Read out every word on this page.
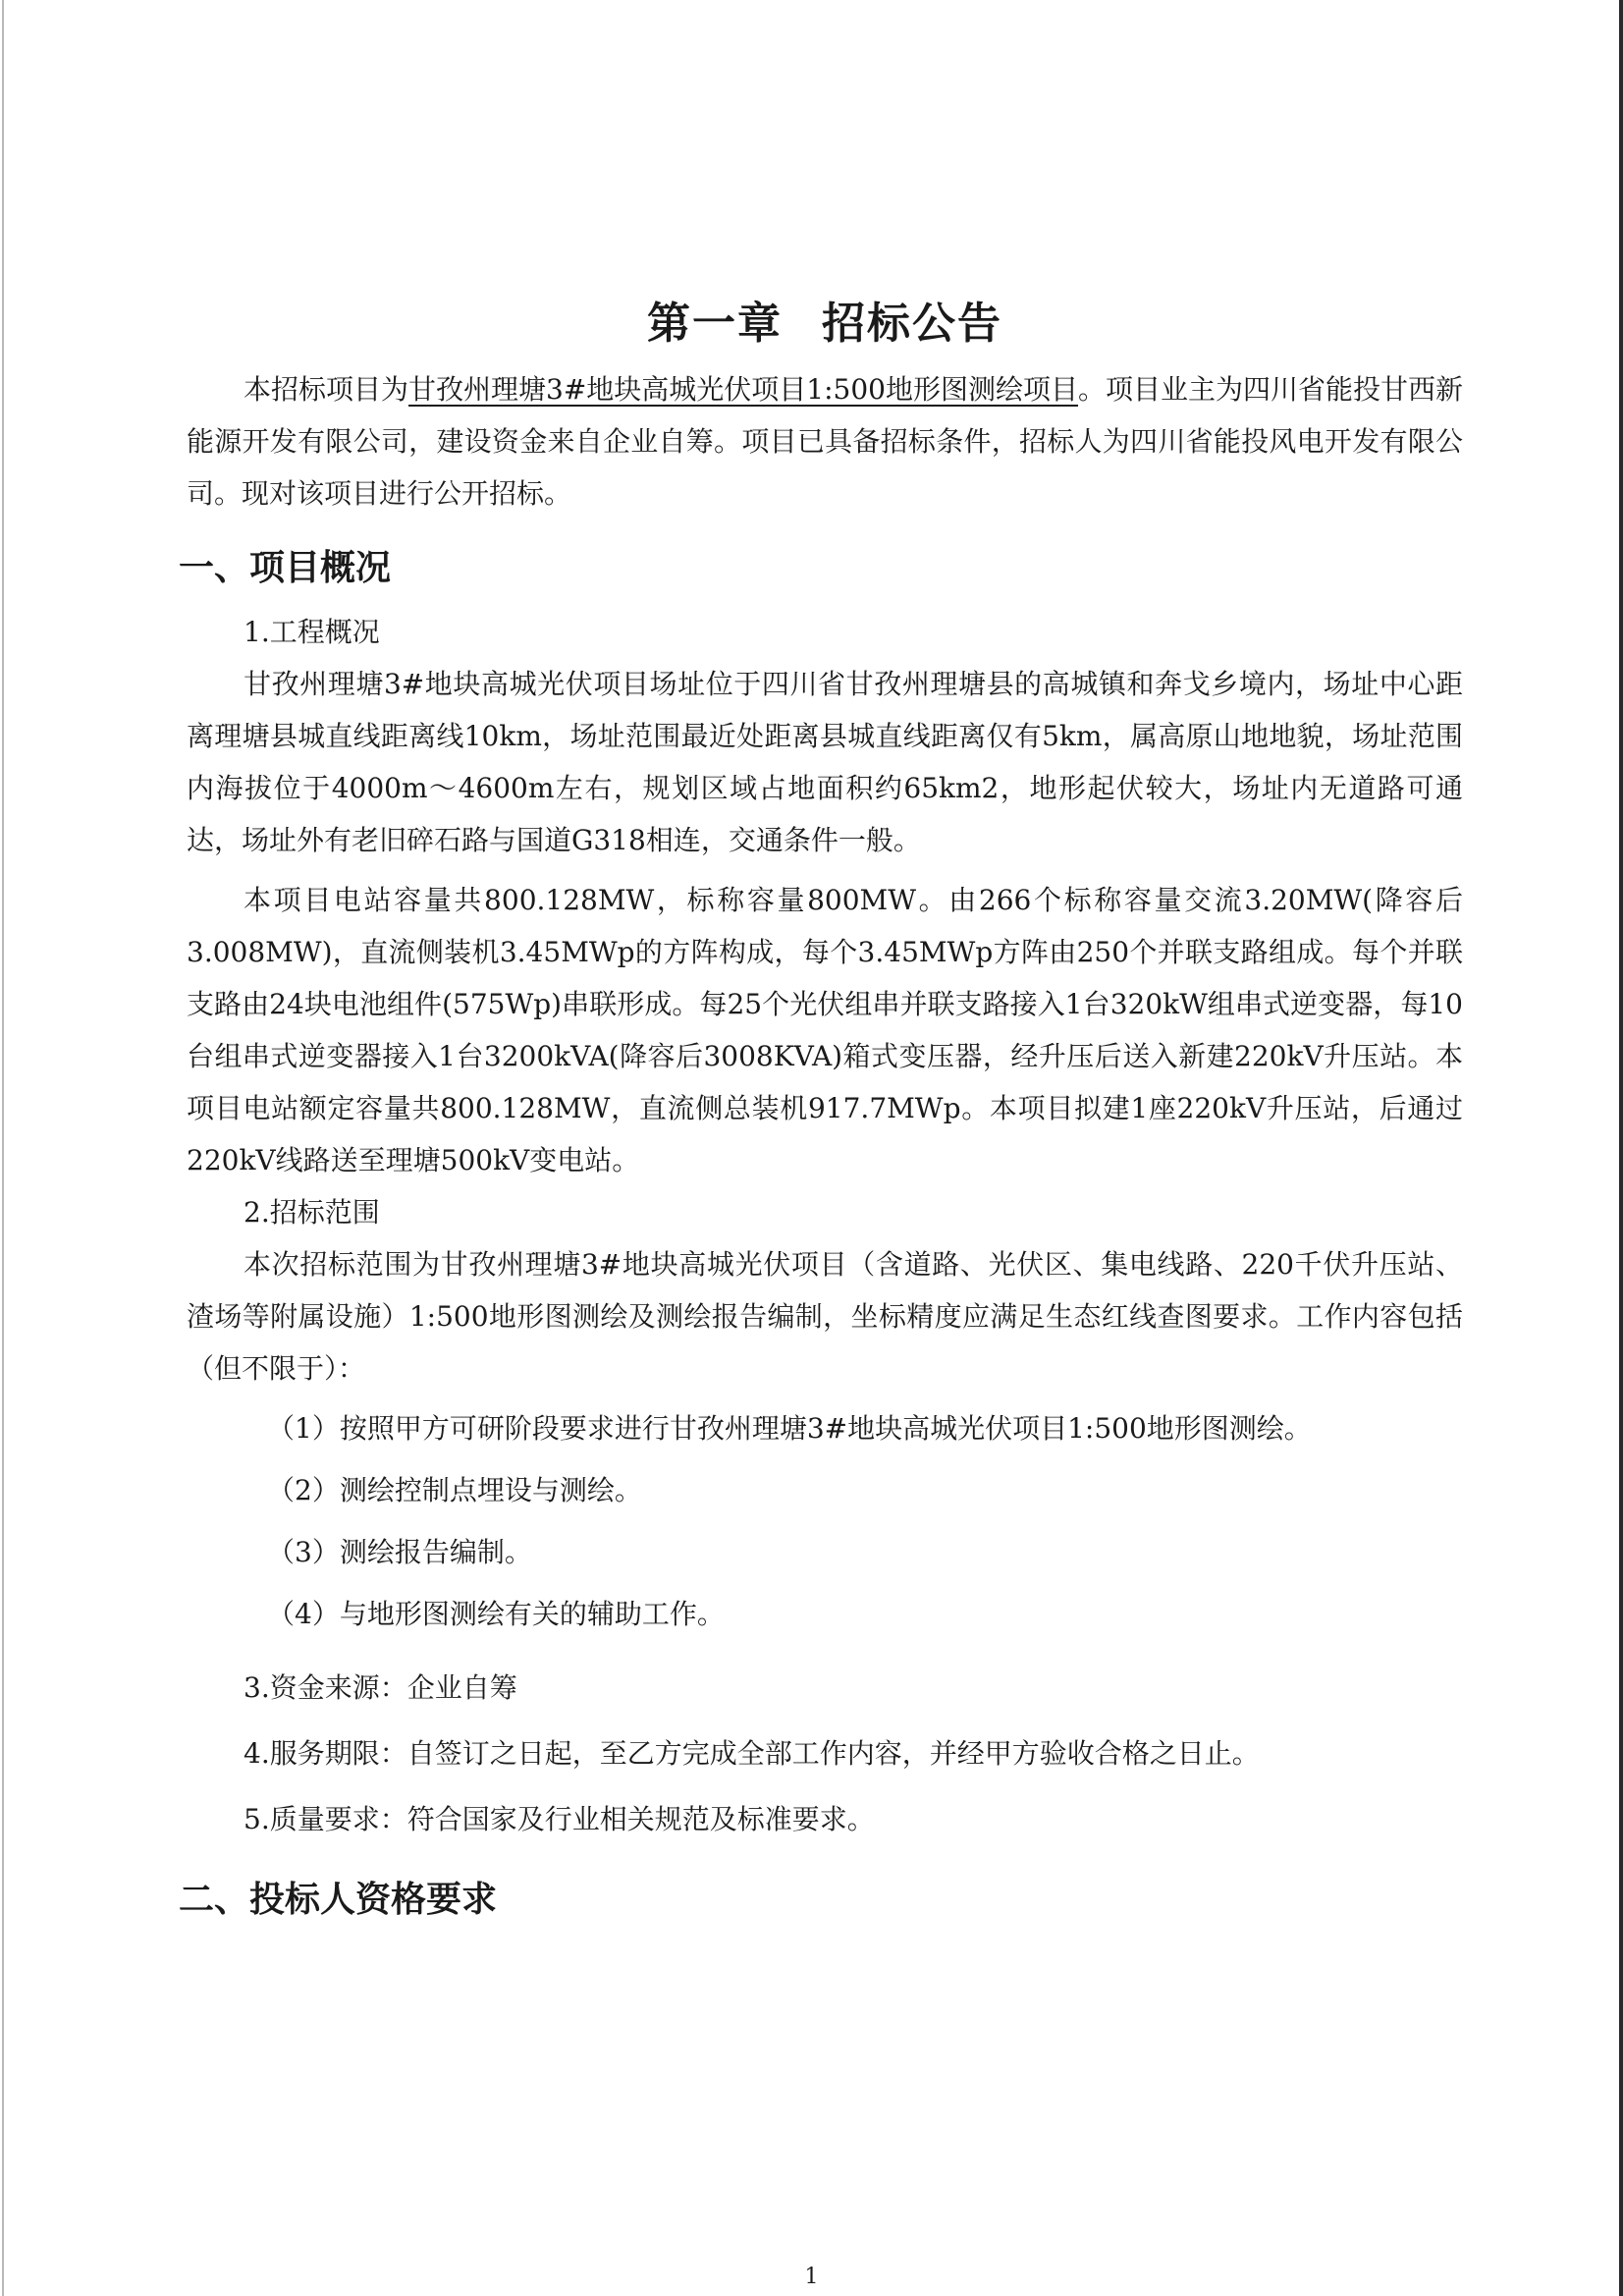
第一章 招标公告

本招标项目为甘孜州理塘3#地块高城光伏项目1:500地形图测绘项目。项目业主为四川省能投甘西新能源开发有限公司，建设资金来自企业自筹。项目已具备招标条件，招标人为四川省能投风电开发有限公司。现对该项目进行公开招标。

一、项目概况
1.工程概况

甘孜州理塘3#地块高城光伏项目场址位于四川省甘孜州理塘县的高城镇和奔戈乡境内，场址中心距离理塘县城直线距离线10km，场址范围最近处距离县城直线距离仅有5km，属高原山地地貌，场址范围内海拔位于4000m～4600m左右，规划区域占地面积约65km2，地形起伏较大，场址内无道路可通达，场址外有老旧碎石路与国道G318相连，交通条件一般。

本项目电站容量共800.128MW，标称容量800MW。由266个标称容量交流3.20MW(降容后3.008MW)，直流侧装机3.45MWp的方阵构成，每个3.45MWp方阵由250个并联支路组成。每个并联支路由24块电池组件(575Wp)串联形成。每25个光伏组串并联支路接入1台320kW组串式逆变器，每10台组串式逆变器接入1台3200kVA(降容后3008KVA)箱式变压器，经升压后送入新建220kV升压站。本项目电站额定容量共800.128MW，直流侧总装机917.7MWp。本项目拟建1座220kV升压站，后通过220kV线路送至理塘500kV变电站。

2.招标范围

本次招标范围为甘孜州理塘3#地块高城光伏项目（含道路、光伏区、集电线路、220千伏升压站、渣场等附属设施）1:500地形图测绘及测绘报告编制，坐标精度应满足生态红线查图要求。工作内容包括（但不限于）：

（1）按照甲方可研阶段要求进行甘孜州理塘3#地块高城光伏项目1:500地形图测绘。
（2）测绘控制点埋设与测绘。
（3）测绘报告编制。
（4）与地形图测绘有关的辅助工作。
3.资金来源：企业自筹
4.服务期限：自签订之日起，至乙方完成全部工作内容，并经甲方验收合格之日止。
5.质量要求：符合国家及行业相关规范及标准要求。
二、投标人资格要求
1
